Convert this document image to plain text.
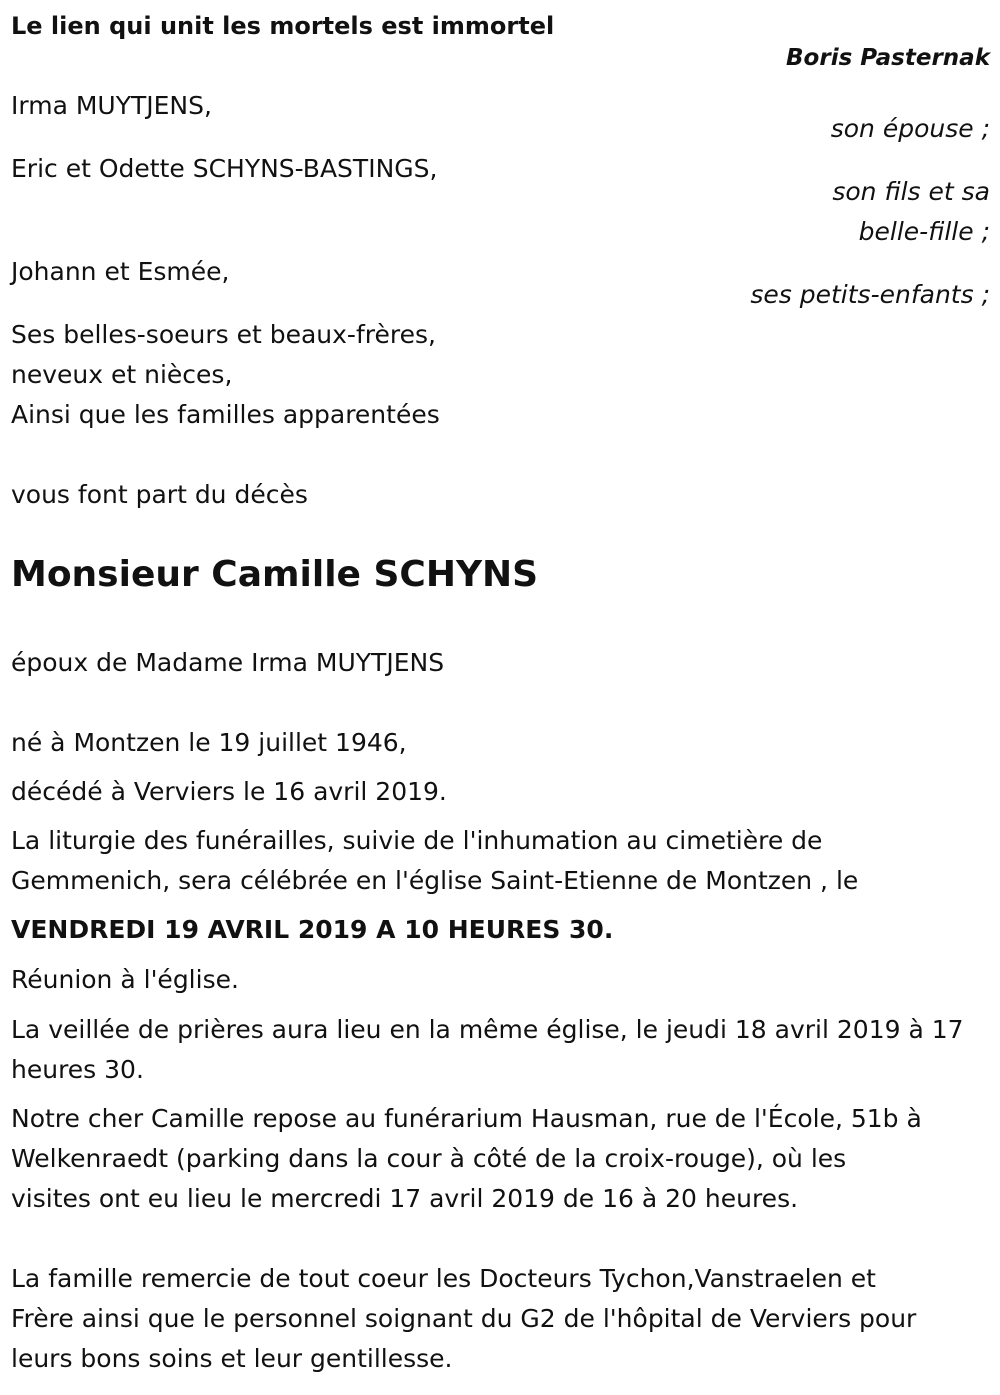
Le lien qui unit les mortels est immortel
Boris Pasternak
Irma MUYTJENS,
son épouse ;
Eric et Odette SCHYNS-BASTINGS,
son fils et sa
belle-fille ;
Johann et Esmée,
ses petits-enfants ;
Ses belles-soeurs et beaux-frères,
neveux et nièces,
Ainsi que les familles apparentées
vous font part du décès
Monsieur Camille SCHYNS
époux de Madame Irma MUYTJENS
né à Montzen le 19 juillet 1946,
décédé à Verviers le 16 avril 2019.
La liturgie des funérailles, suivie de l'inhumation au cimetière de
Gemmenich, sera célébrée en l'église Saint-Etienne de Montzen , le
VENDREDI 19 AVRIL 2019 A 10 HEURES 30.
Réunion à l'église.
La veillée de prières aura lieu en la même église, le jeudi 18 avril 2019 à 17
heures 30.
Notre cher Camille repose au funérarium Hausman, rue de l'École, 51b à
Welkenraedt (parking dans la cour à côté de la croix-rouge), où les
visites ont eu lieu le mercredi 17 avril 2019 de 16 à 20 heures.
La famille remercie de tout coeur les Docteurs Tychon,Vanstraelen et
Frère ainsi que le personnel soignant du G2 de l'hôpital de Verviers pour
leurs bons soins et leur gentillesse.
